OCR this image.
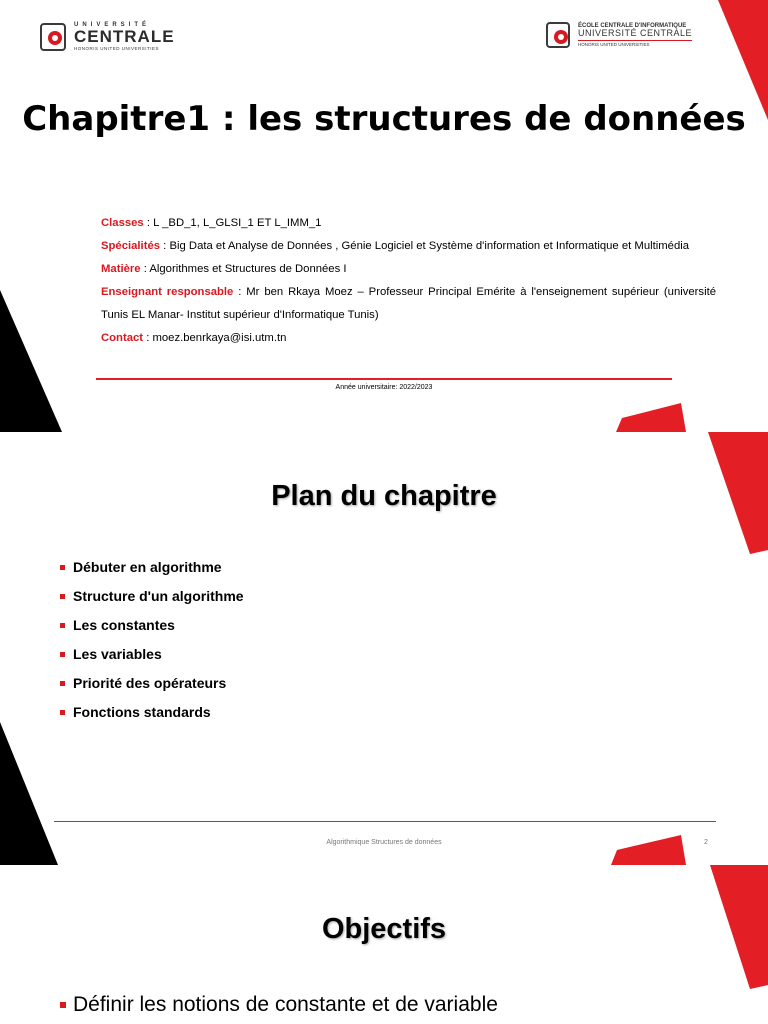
UNIVERSITÉ
CENTRALE
HONORIS UNITED UNIVERSITIES
ÉCOLE CENTRALE D'INFORMATIQUE
UNIVERSITÉ CENTRALE
HONORIS UNITED UNIVERSITIES
Chapitre1 : les structures de données
Classes : L _BD_1, L_GLSI_1 ET L_IMM_1
Spécialités : Big Data et Analyse de Données , Génie Logiciel et Système d'information et Informatique et Multimédia
Matière : Algorithmes et Structures de Données I
Enseignant responsable : Mr ben Rkaya Moez – Professeur Principal Emérite à l'enseignement supérieur (université Tunis EL Manar- Institut supérieur d'Informatique Tunis)
Contact : moez.benrkaya@isi.utm.tn
Année universitaire: 2022/2023
Plan du chapitre
Débuter en algorithme
Structure d'un algorithme
Les constantes
Les variables
Priorité des opérateurs
Fonctions standards
Algorithmique Structures de données	2
Objectifs
Définir les notions de constante et de variable
